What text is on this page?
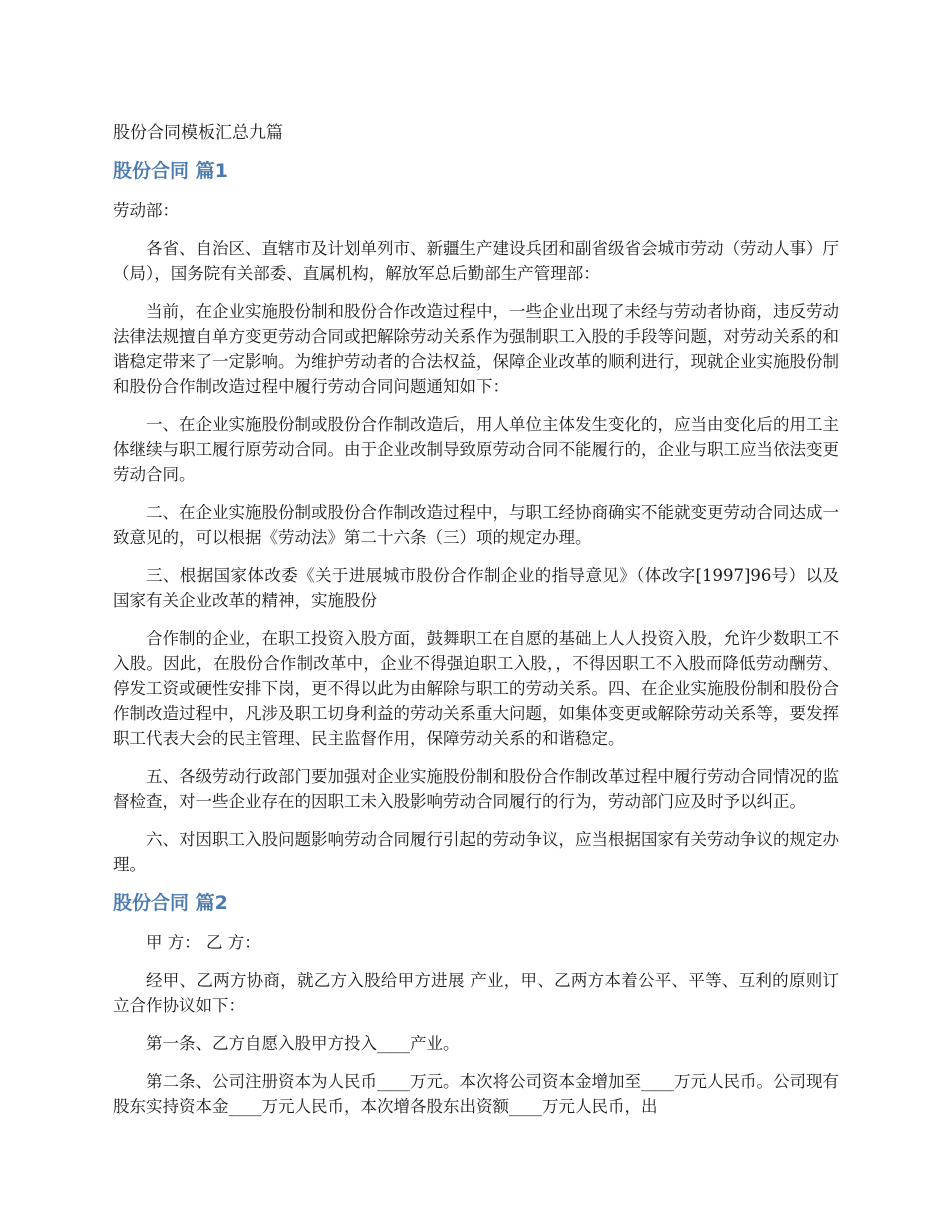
股份合同模板汇总九篇
股份合同 篇1

劳动部：

各省、自治区、直辖市及计划单列市、新疆生产建设兵团和副省级省会城市劳动（劳动人事）厅（局），国务院有关部委、直属机构，解放军总后勤部生产管理部：

当前，在企业实施股份制和股份合作改造过程中，一些企业出现了未经与劳动者协商，违反劳动法律法规擅自单方变更劳动合同或把解除劳动关系作为强制职工入股的手段等问题，对劳动关系的和谐稳定带来了一定影响。为维护劳动者的合法权益，保障企业改革的顺利进行，现就企业实施股份制和股份合作制改造过程中履行劳动合同问题通知如下：

一、在企业实施股份制或股份合作制改造后，用人单位主体发生变化的，应当由变化后的用工主体继续与职工履行原劳动合同。由于企业改制导致原劳动合同不能履行的，企业与职工应当依法变更劳动合同。

二、在企业实施股份制或股份合作制改造过程中，与职工经协商确实不能就变更劳动合同达成一致意见的，可以根据《劳动法》第二十六条（三）项的规定办理。

三、根据国家体改委《关于进展城市股份合作制企业的指导意见》（体改字[1997]96号）以及国家有关企业改革的精神，实施股份

合作制的企业，在职工投资入股方面，鼓舞职工在自愿的基础上人人投资入股，允许少数职工不入股。因此，在股份合作制改革中，企业不得强迫职工入股，，不得因职工不入股而降低劳动酬劳、停发工资或硬性安排下岗，更不得以此为由解除与职工的劳动关系。四、在企业实施股份制和股份合作制改造过程中，凡涉及职工切身利益的劳动关系重大问题，如集体变更或解除劳动关系等，要发挥职工代表大会的民主管理、民主监督作用，保障劳动关系的和谐稳定。

五、各级劳动行政部门要加强对企业实施股份制和股份合作制改革过程中履行劳动合同情况的监督检查，对一些企业存在的因职工未入股影响劳动合同履行的行为，劳动部门应及时予以纠正。

六、对因职工入股问题影响劳动合同履行引起的劳动争议，应当根据国家有关劳动争议的规定办理。

股份合同 篇2

甲 方： 乙 方：

经甲、乙两方协商，就乙方入股给甲方进展 产业，甲、乙两方本着公平、平等、互利的原则订立合作协议如下：

第一条、乙方自愿入股甲方投入____产业。

第二条、公司注册资本为人民币____万元。本次将公司资本金增加至____万元人民币。公司现有股东实持资本金____万元人民币，本次增各股东出资额____万元人民币，出
